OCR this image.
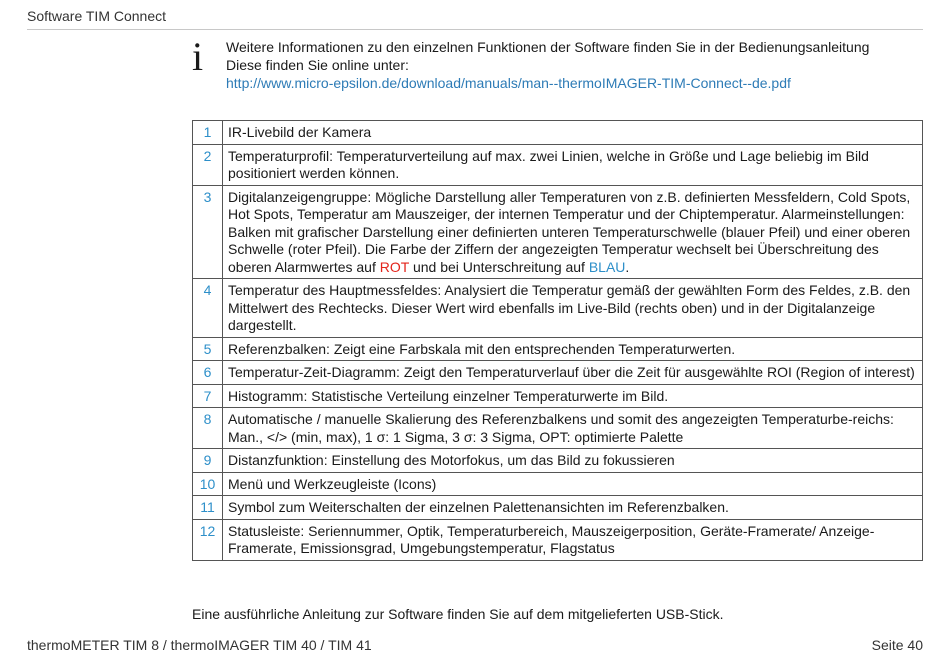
Software TIM Connect
i Weitere Informationen zu den einzelnen Funktionen der Software finden Sie in der Bedienungsanleitung
Diese finden Sie online unter:
http://www.micro-epsilon.de/download/manuals/man--thermoIMAGER-TIM-Connect--de.pdf
1	IR-Livebild der Kamera
2	Temperaturprofil: Temperaturverteilung auf max. zwei Linien, welche in Größe und Lage beliebig im Bild positioniert werden können.
3	Digitalanzeigengruppe: Mögliche Darstellung aller Temperaturen von z.B. definierten Messfeldern, Cold Spots, Hot Spots, Temperatur am Mauszeiger, der internen Temperatur und der Chiptemperatur. Alarmeinstellungen: Balken mit grafischer Darstellung einer definierten unteren Temperaturschwelle (blauer Pfeil) und einer oberen Schwelle (roter Pfeil). Die Farbe der Ziffern der angezeigten Temperatur wechselt bei Überschreitung des oberen Alarmwertes auf ROT und bei Unterschreitung auf BLAU.
4	Temperatur des Hauptmessfeldes: Analysiert die Temperatur gemäß der gewählten Form des Feldes, z.B. den Mittelwert des Rechtecks. Dieser Wert wird ebenfalls im Live-Bild (rechts oben) und in der Digitalanzeige dargestellt.
5	Referenzbalken: Zeigt eine Farbskala mit den entsprechenden Temperaturwerten.
6	Temperatur-Zeit-Diagramm: Zeigt den Temperaturverlauf über die Zeit für ausgewählte ROI (Region of interest)
7	Histogramm: Statistische Verteilung einzelner Temperaturwerte im Bild.
8	Automatische / manuelle Skalierung des Referenzbalkens und somit des angezeigten Temperaturbe-reichs: Man., </> (min, max), 1 σ: 1 Sigma, 3 σ: 3 Sigma, OPT: optimierte Palette
9	Distanzfunktion: Einstellung des Motorfokus, um das Bild zu fokussieren
10	Menü und Werkzeugleiste (Icons)
11	Symbol zum Weiterschalten der einzelnen Palettenansichten im Referenzbalken.
12	Statusleiste: Seriennummer, Optik, Temperaturbereich, Mauszeigerposition, Geräte-Framerate/ Anzeige-Framerate, Emissionsgrad, Umgebungstemperatur, Flagstatus
Eine ausführliche Anleitung zur Software finden Sie auf dem mitgelieferten USB-Stick.
thermoMETER TIM 8 / thermoIMAGER TIM 40 / TIM 41	Seite 40
